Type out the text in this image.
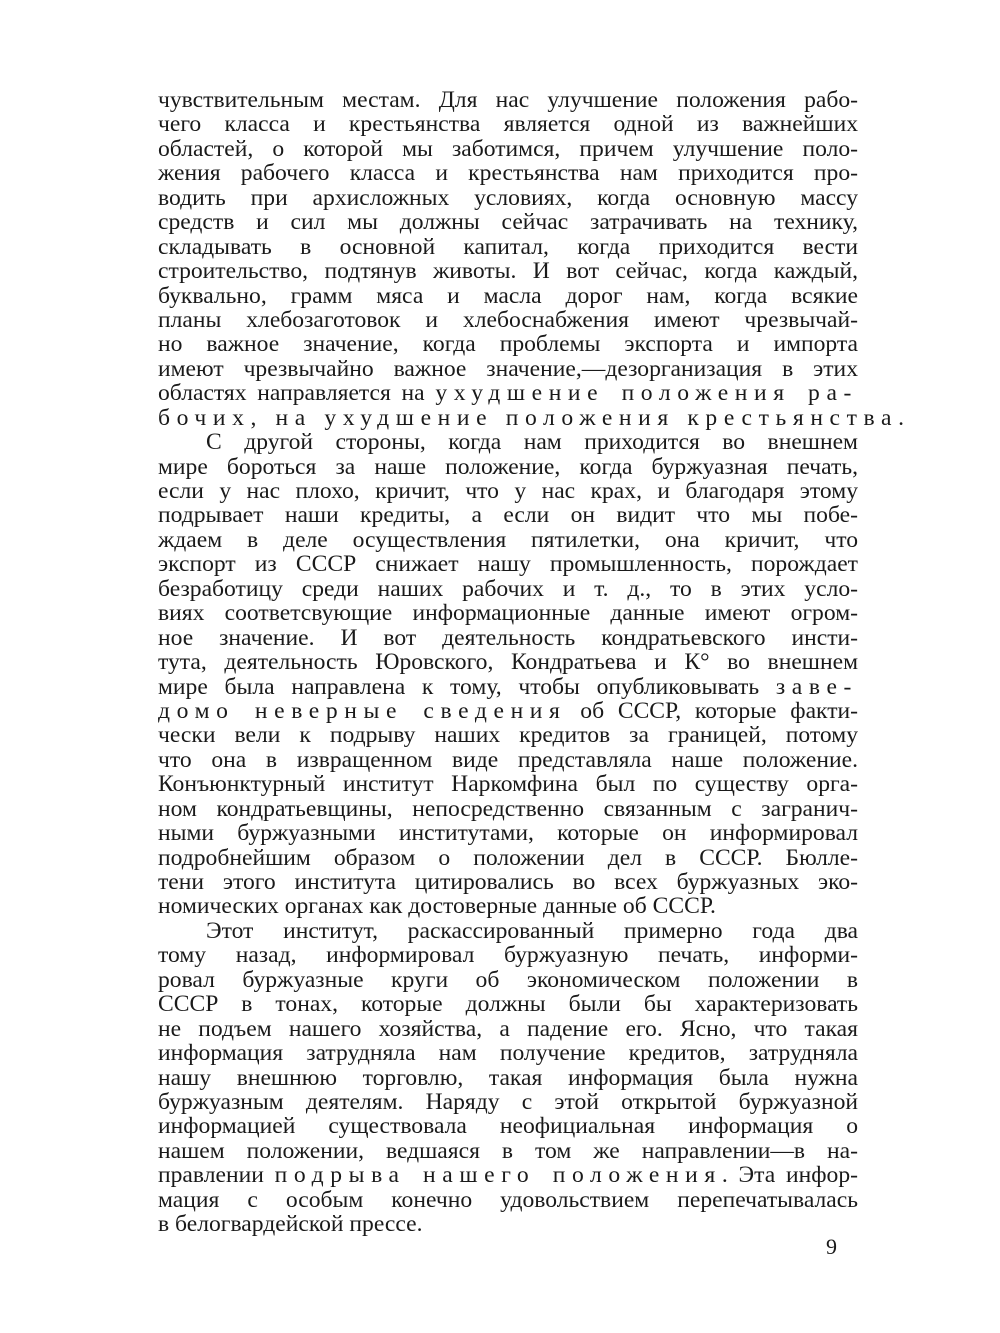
чувствительным местам. Для нас улучшение положения рабо-
чего класса и крестьянства является одной из важнейших
областей, о которой мы заботимся, причем улучшение поло-
жения рабочего класса и крестьянства нам приходится про-
водить при архисложных условиях, когда основную массу
средств и сил мы должны сейчас затрачивать на технику,
складывать в основной капитал, когда приходится вести
строительство, подтянув животы. И вот сейчас, когда каждый,
буквально, грамм мяса и масла дорог нам, когда всякие
планы хлебозаготовок и хлебоснабжения имеют чрезвычай-
но важное значение, когда проблемы экспорта и импорта
имеют чрезвычайно важное значение,—дезорганизация в этих
областях направляется на ухудшение положения ра-
бочих, на ухудшение положения крестьянства.

С другой стороны, когда нам приходится во внешнем
мире бороться за наше положение, когда буржуазная печать,
если у нас плохо, кричит, что у нас крах, и благодаря этому
подрывает наши кредиты, а если он видит что мы побе-
ждаем в деле осуществления пятилетки, она кричит, что
экспорт из СССР снижает нашу промышленность, порождает
безработицу среди наших рабочих и т. д., то в этих усло-
виях соответсвующие информационные данные имеют огром-
ное значение. И вот деятельность кондратьевского инсти-
тута, деятельность Юровского, Кондратьева и К° во внешнем
мире была направлена к тому, чтобы опубликовывать заве-
домо неверные сведения об СССР, которые факти-
чески вели к подрыву наших кредитов за границей, потому
что она в извращенном виде представляла наше положение.
Конъюнктурный институт Наркомфина был по существу орга-
ном кондратьевщины, непосредственно связанным с загранич-
ными буржуазными институтами, которые он информировал
подробнейшим образом о положении дел в СССР. Бюлле-
тени этого института цитировались во всех буржуазных эко-
номических органах как достоверные данные об СССР.

Этот институт, раскассированный примерно года два
тому назад, информировал буржуазную печать, информи-
ровал буржуазные круги об экономическом положении в
СССР в тонах, которые должны были бы характеризовать
не подъем нашего хозяйства, а падение его. Ясно, что такая
информация затрудняла нам получение кредитов, затрудняла
нашу внешнюю торговлю, такая информация была нужна
буржуазным деятелям. Наряду с этой открытой буржуазной
информацией существовала неофициальная информация о
нашем положении, ведшаяся в том же направлении—в на-
правлении подрыва нашего положения. Эта инфор-
мация с особым конечно удовольствием перепечатывалась
в белогвардейской прессе.

9
